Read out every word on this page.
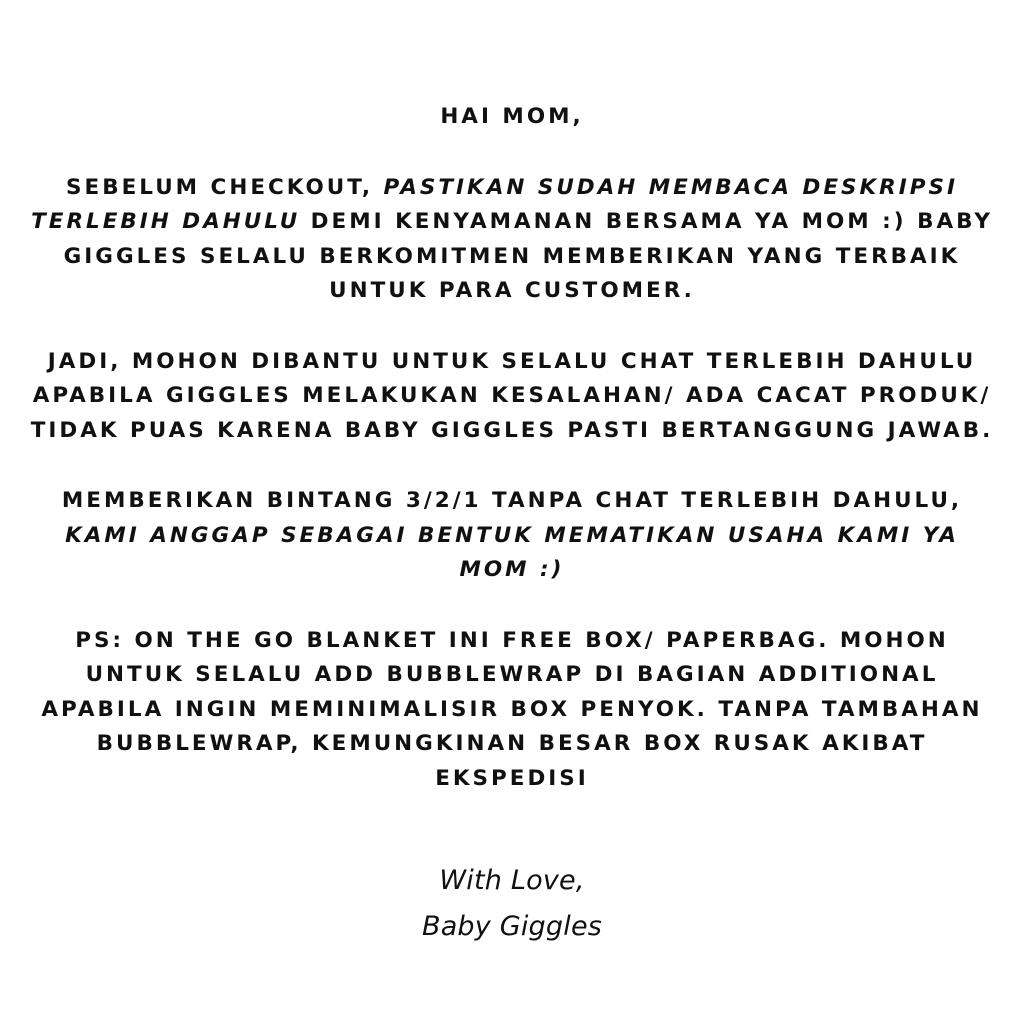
HAI MOM,

SEBELUM CHECKOUT, PASTIKAN SUDAH MEMBACA DESKRIPSI TERLEBIH DAHULU DEMI KENYAMANAN BERSAMA YA MOM :) BABY GIGGLES SELALU BERKOMITMEN MEMBERIKAN YANG TERBAIK UNTUK PARA CUSTOMER.

JADI, MOHON DIBANTU UNTUK SELALU CHAT TERLEBIH DAHULU APABILA GIGGLES MELAKUKAN KESALAHAN/ ADA CACAT PRODUK/ TIDAK PUAS KARENA BABY GIGGLES PASTI BERTANGGUNG JAWAB.

MEMBERIKAN BINTANG 3/2/1 TANPA CHAT TERLEBIH DAHULU, KAMI ANGGAP SEBAGAI BENTUK MEMATIKAN USAHA KAMI YA MOM :)

PS: ON THE GO BLANKET INI FREE BOX/ PAPERBAG. MOHON UNTUK SELALU ADD BUBBLEWRAP DI BAGIAN ADDITIONAL APABILA INGIN MEMINIMALISIR BOX PENYOK. TANPA TAMBAHAN BUBBLEWRAP, KEMUNGKINAN BESAR BOX RUSAK AKIBAT EKSPEDISI

With Love,
Baby Giggles
